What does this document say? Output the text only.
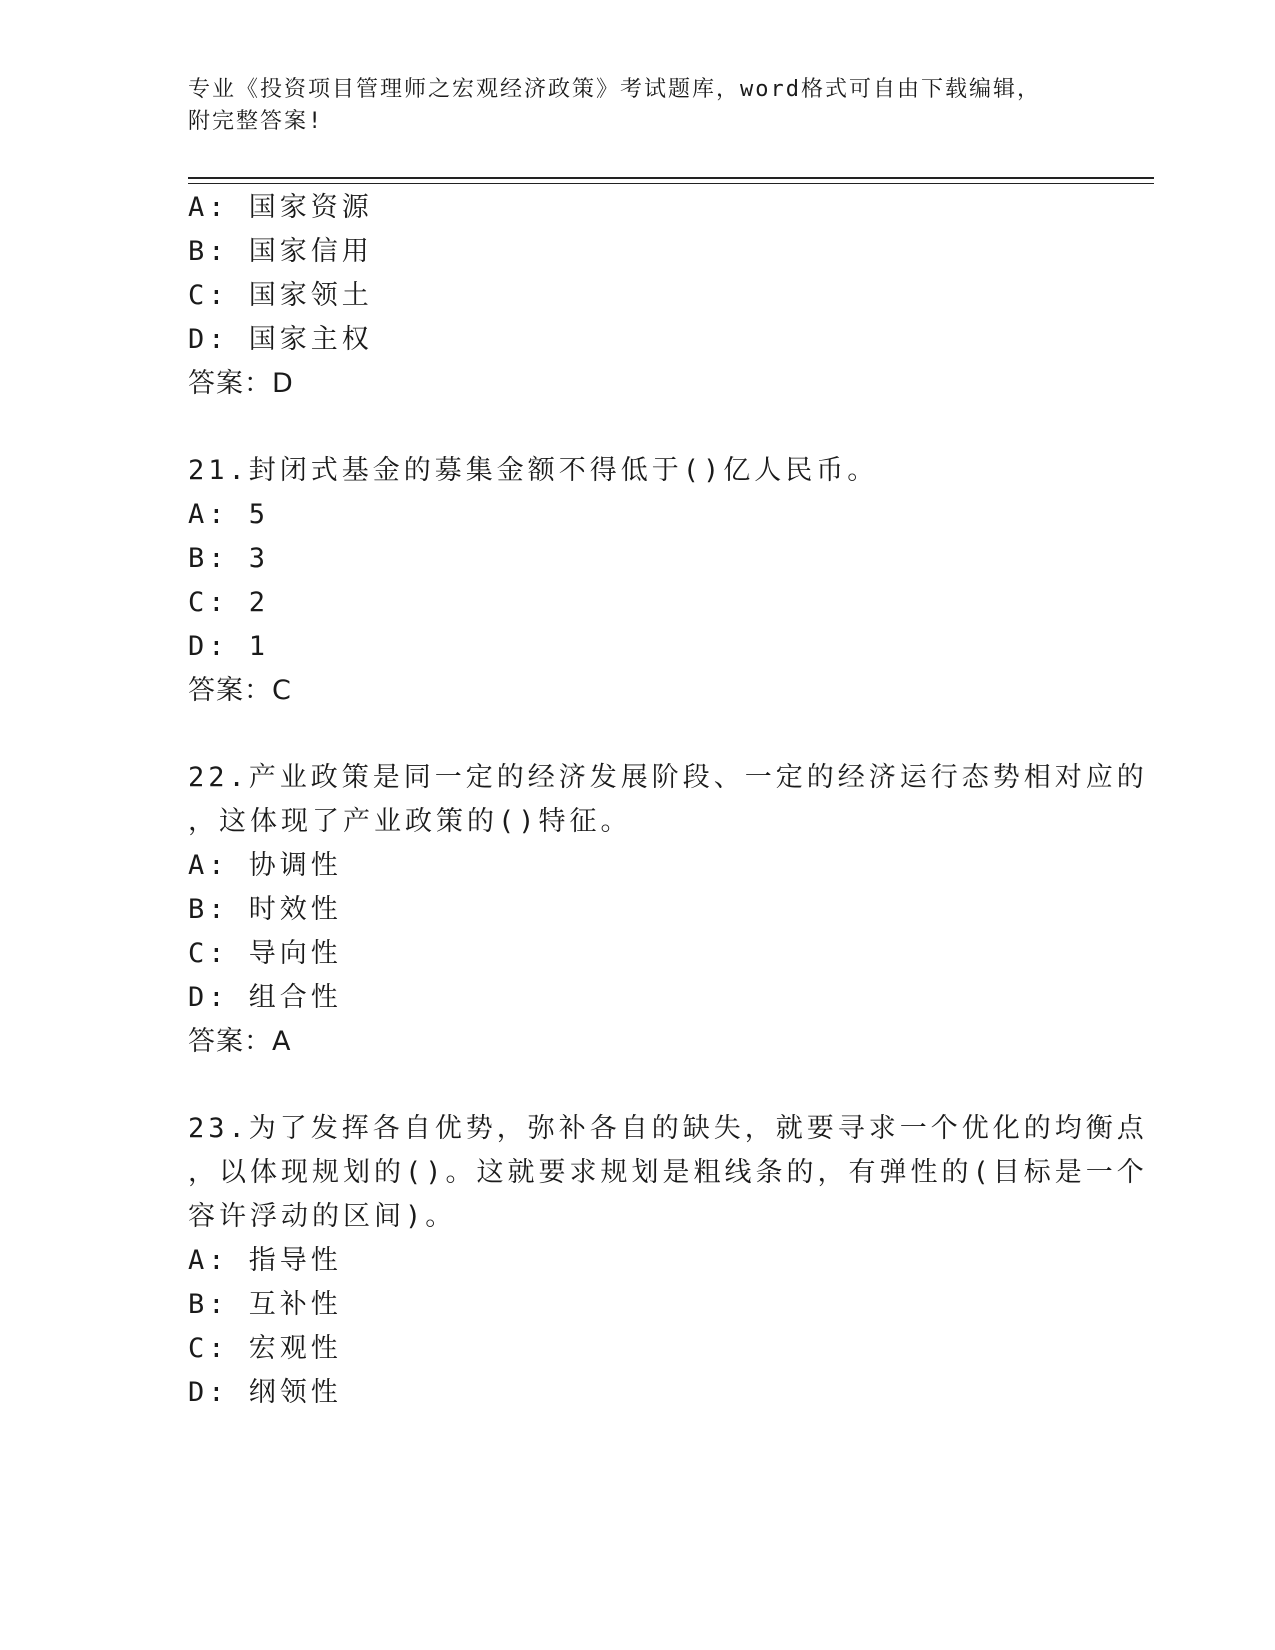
专业《投资项目管理师之宏观经济政策》考试题库，word格式可自由下载编辑，
附完整答案!
A: 国家资源
B: 国家信用
C: 国家领土
D: 国家主权
答案：D
21.封闭式基金的募集金额不得低于()亿人民币。
A: 5
B: 3
C: 2
D: 1
答案：C
22.产业政策是同一定的经济发展阶段、一定的经济运行态势相对应的
，这体现了产业政策的()特征。
A: 协调性
B: 时效性
C: 导向性
D: 组合性
答案：A
23.为了发挥各自优势，弥补各自的缺失，就要寻求一个优化的均衡点
，以体现规划的()。这就要求规划是粗线条的，有弹性的(目标是一个
容许浮动的区间)。
A: 指导性
B: 互补性
C: 宏观性
D: 纲领性
